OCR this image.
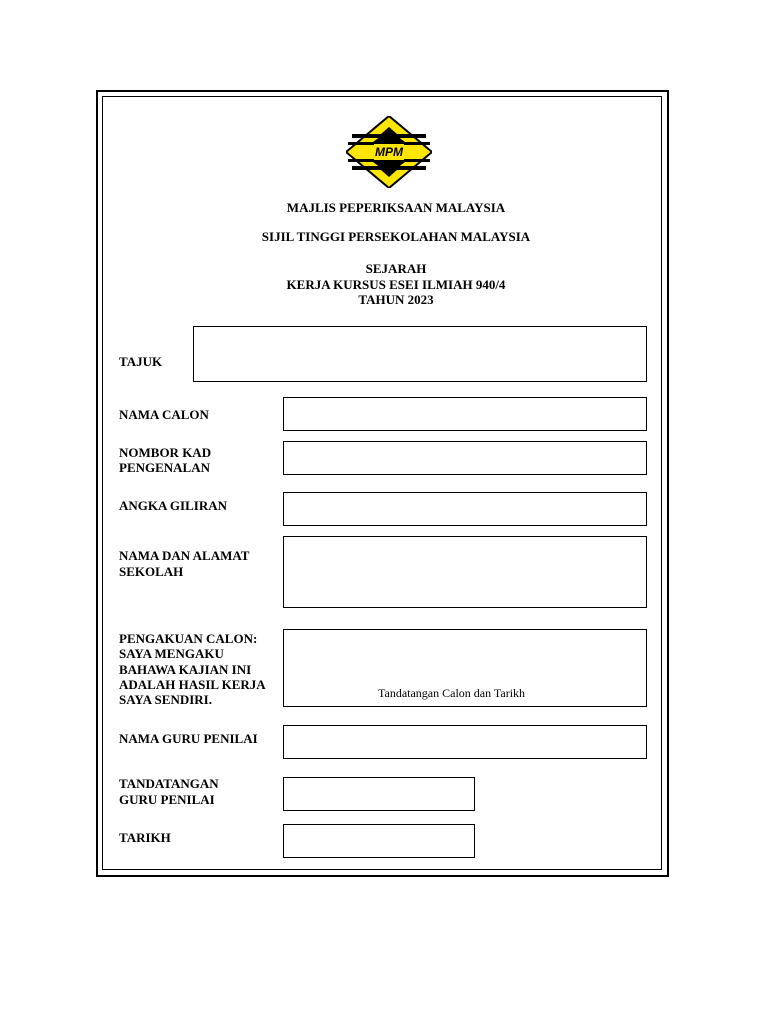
MPM
MAJLIS PEPERIKSAAN MALAYSIA
SIJIL TINGGI PERSEKOLAHAN MALAYSIA
SEJARAH
KERJA KURSUS ESEI ILMIAH 940/4
TAHUN 2023
TAJUK
NAMA CALON
NOMBOR KAD
PENGENALAN
ANGKA GILIRAN
NAMA DAN ALAMAT
SEKOLAH
PENGAKUAN CALON:
SAYA MENGAKU
BAHAWA KAJIAN INI
ADALAH HASIL KERJA
SAYA SENDIRI.	Tandatangan Calon dan Tarikh
NAMA GURU PENILAI
TANDATANGAN
GURU PENILAI
TARIKH
